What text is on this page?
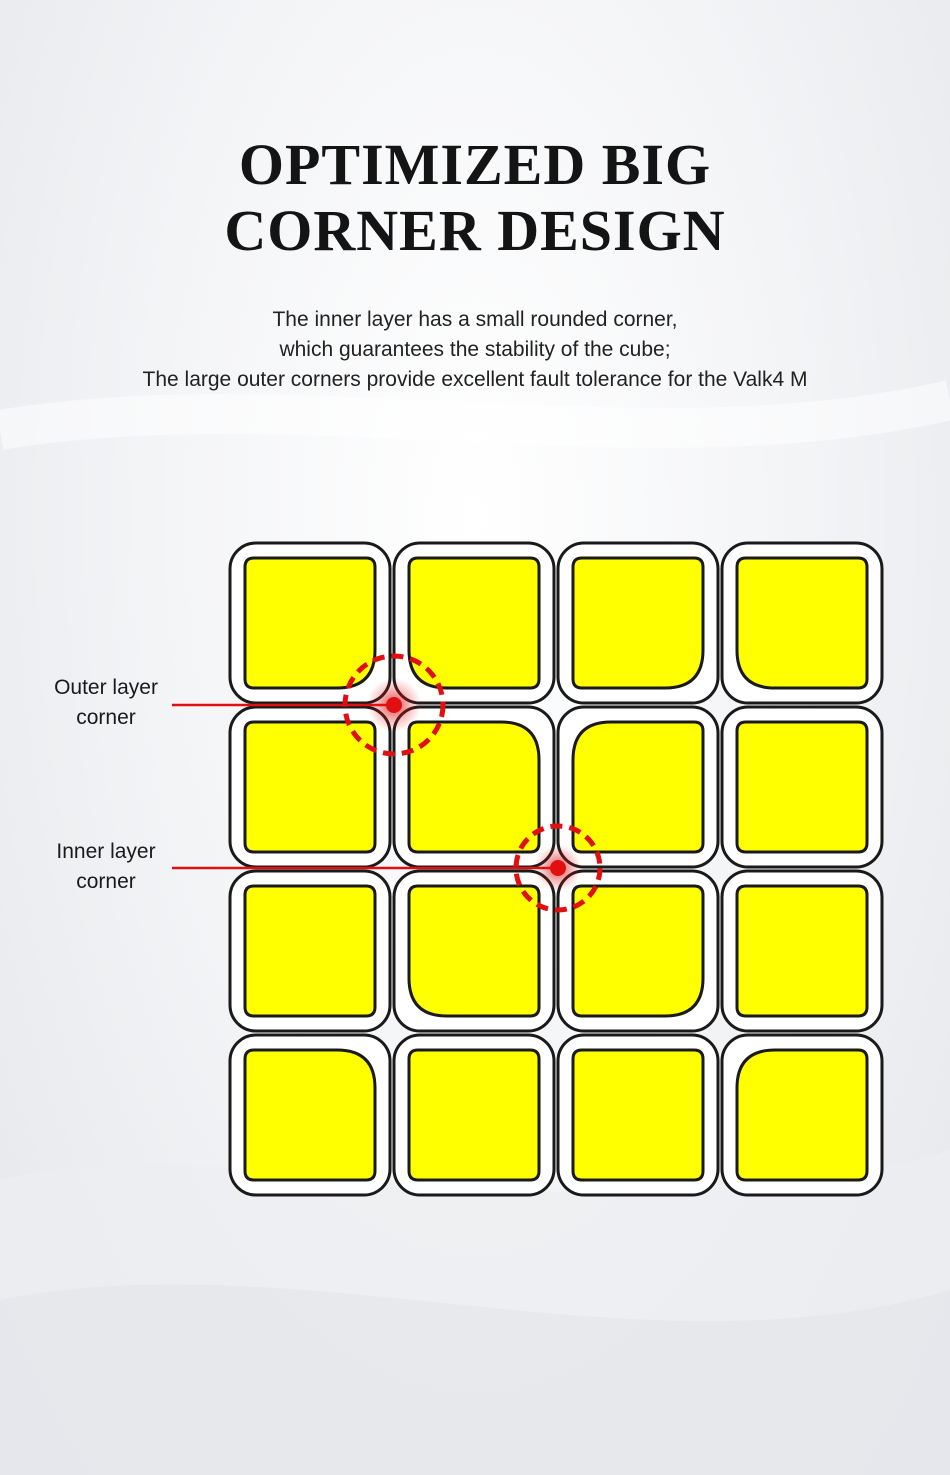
OPTIMIZED BIG
CORNER DESIGN
The inner layer has a small rounded corner,
which guarantees the stability of the cube;
The large outer corners provide excellent fault tolerance for the Valk4 M
Outer layer
corner
Inner layer
corner
